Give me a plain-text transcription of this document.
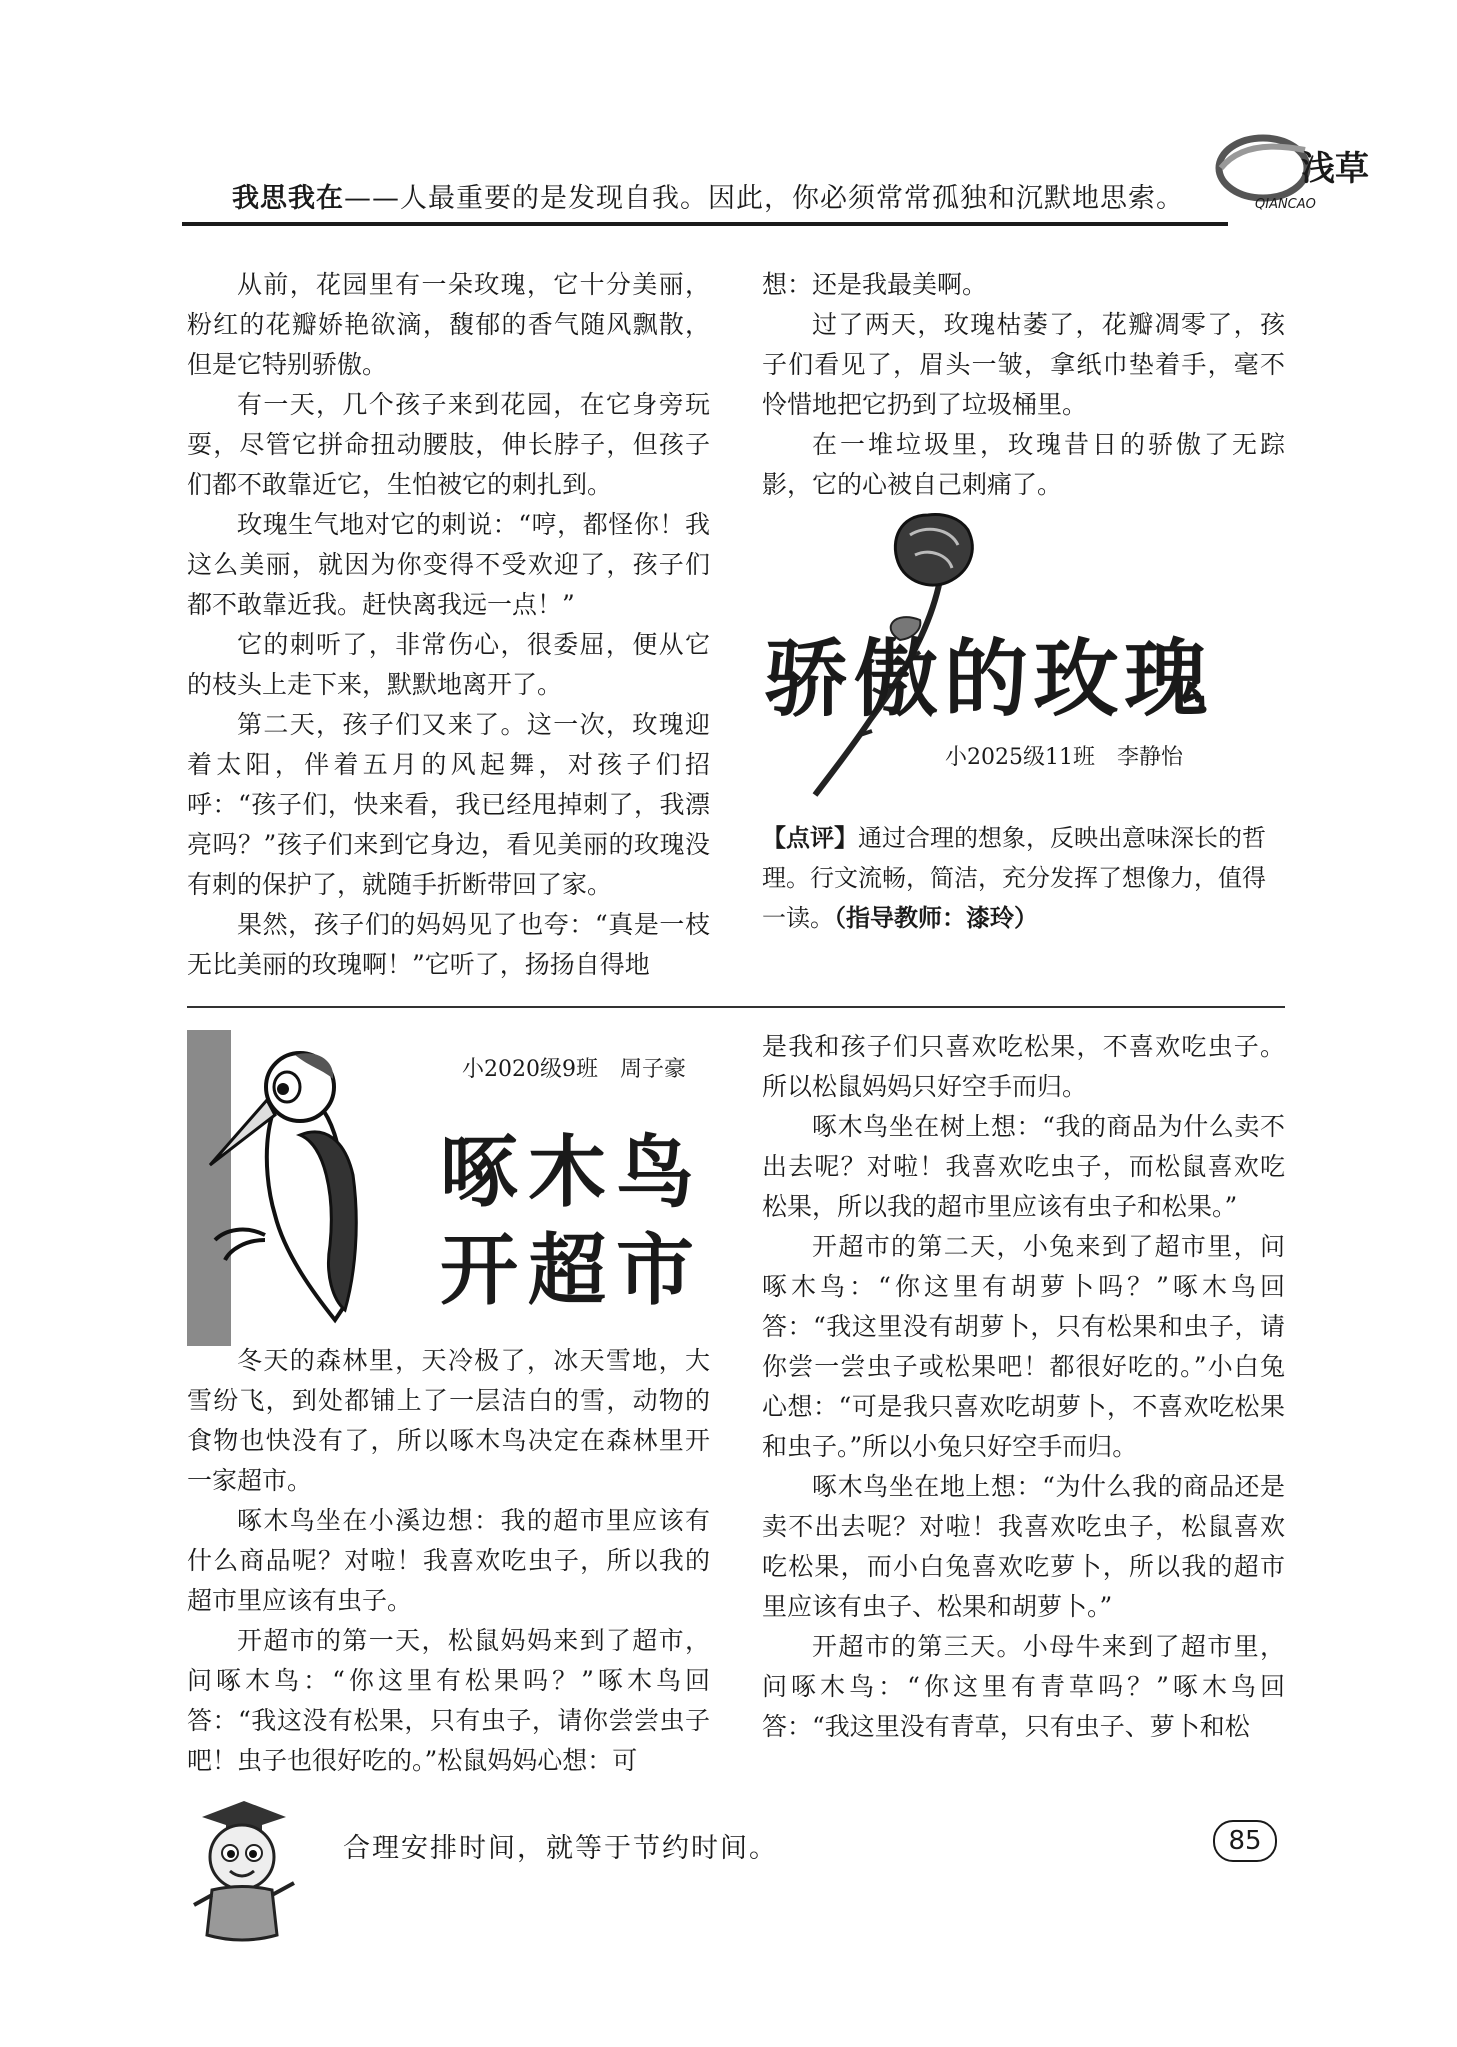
我思我在——人最重要的是发现自我。因此，你必须常常孤独和沉默地思索。
浅草
QIANCAO

从前，花园里有一朵玫瑰，它十分美丽，粉红的花瓣娇艳欲滴，馥郁的香气随风飘散，但是它特别骄傲。

有一天，几个孩子来到花园，在它身旁玩耍，尽管它拼命扭动腰肢，伸长脖子，但孩子们都不敢靠近它，生怕被它的刺扎到。

玫瑰生气地对它的刺说：“哼，都怪你！我这么美丽，就因为你变得不受欢迎了，孩子们都不敢靠近我。赶快离我远一点！”

它的刺听了，非常伤心，很委屈，便从它的枝头上走下来，默默地离开了。

第二天，孩子们又来了。这一次，玫瑰迎着太阳，伴着五月的风起舞，对孩子们招呼：“孩子们，快来看，我已经甩掉刺了，我漂亮吗？”孩子们来到它身边，看见美丽的玫瑰没有刺的保护了，就随手折断带回了家。

果然，孩子们的妈妈见了也夸：“真是一枝无比美丽的玫瑰啊！”它听了，扬扬自得地

想：还是我最美啊。

过了两天，玫瑰枯萎了，花瓣凋零了，孩子们看见了，眉头一皱，拿纸巾垫着手，毫不怜惜地把它扔到了垃圾桶里。

在一堆垃圾里，玫瑰昔日的骄傲了无踪影，它的心被自己刺痛了。

骄傲的玫瑰
小2025级11班　李静怡
【点评】通过合理的想象，反映出意味深长的哲理。行文流畅，简洁，充分发挥了想像力，值得一读。（指导教师：漆玲）
啄木鸟
开超市
小2020级9班　周子豪

冬天的森林里，天冷极了，冰天雪地，大雪纷飞，到处都铺上了一层洁白的雪，动物的食物也快没有了，所以啄木鸟决定在森林里开一家超市。

啄木鸟坐在小溪边想：我的超市里应该有什么商品呢？对啦！我喜欢吃虫子，所以我的超市里应该有虫子。

开超市的第一天，松鼠妈妈来到了超市，问啄木鸟：“你这里有松果吗？”啄木鸟回答：“我这没有松果，只有虫子，请你尝尝虫子吧！虫子也很好吃的。”松鼠妈妈心想：可

是我和孩子们只喜欢吃松果，不喜欢吃虫子。所以松鼠妈妈只好空手而归。

啄木鸟坐在树上想：“我的商品为什么卖不出去呢？对啦！我喜欢吃虫子，而松鼠喜欢吃松果，所以我的超市里应该有虫子和松果。”

开超市的第二天，小兔来到了超市里，问啄木鸟：“你这里有胡萝卜吗？”啄木鸟回答：“我这里没有胡萝卜，只有松果和虫子，请你尝一尝虫子或松果吧！都很好吃的。”小白兔心想：“可是我只喜欢吃胡萝卜，不喜欢吃松果和虫子。”所以小兔只好空手而归。

啄木鸟坐在地上想：“为什么我的商品还是卖不出去呢？对啦！我喜欢吃虫子，松鼠喜欢吃松果，而小白兔喜欢吃萝卜，所以我的超市里应该有虫子、松果和胡萝卜。”

开超市的第三天。小母牛来到了超市里，问啄木鸟：“你这里有青草吗？”啄木鸟回答：“我这里没有青草，只有虫子、萝卜和松

合理安排时间，就等于节约时间。	85
